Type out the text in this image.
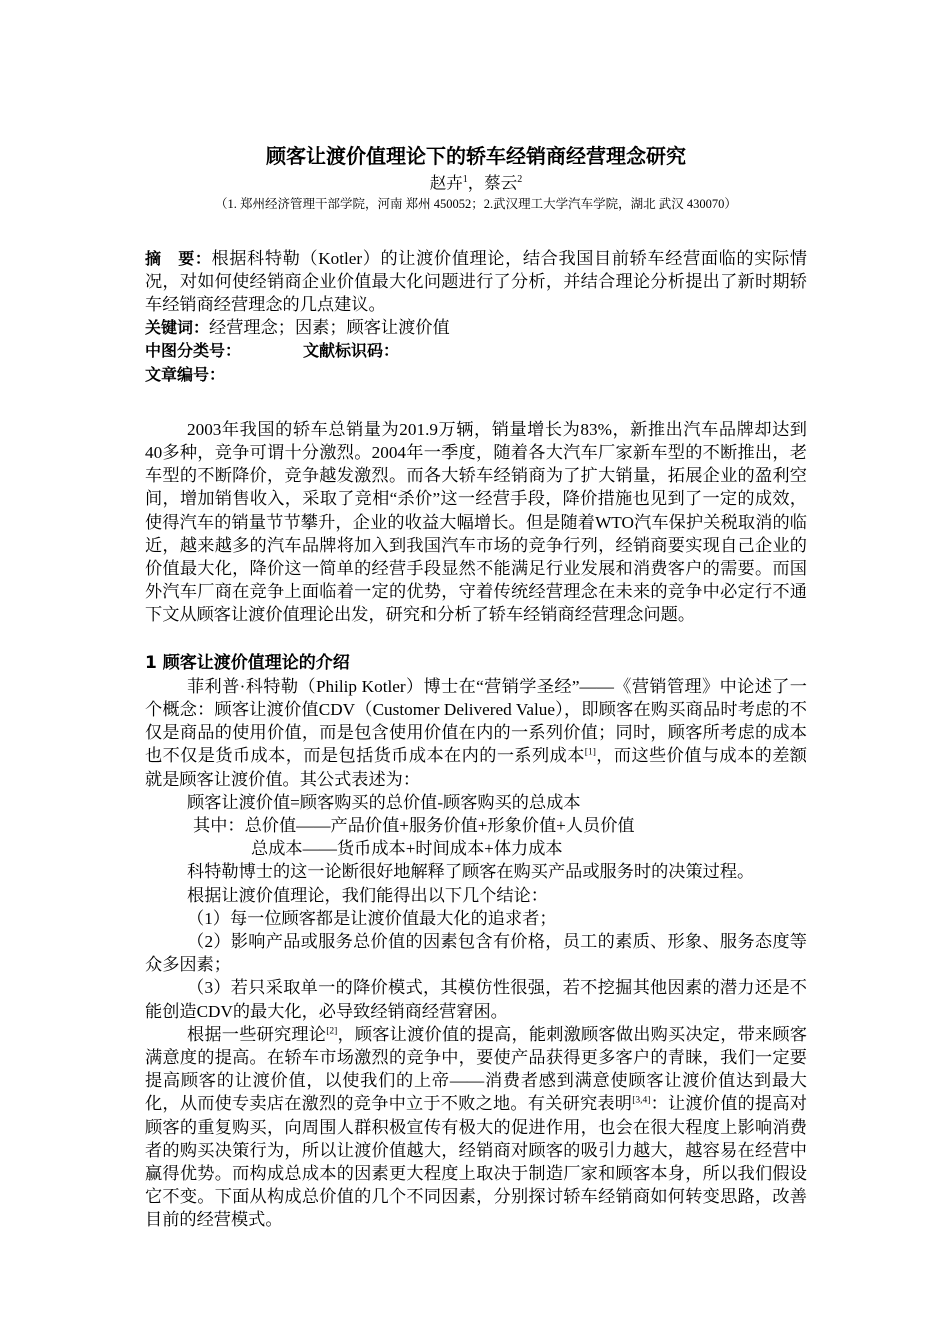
顾客让渡价值理论下的轿车经销商经营理念研究
赵卉$^1$，蔡云$^2$
（1. 郑州经济管理干部学院，河南 郑州 450052；2.武汉理工大学汽车学院，湖北 武汉 430070）

摘　要：根据科特勒（Kotler）的让渡价值理论，结合我国目前轿车经营面临的实际情况，对如何使经销商企业价值最大化问题进行了分析，并结合理论分析提出了新时期轿车经销商经营理念的几点建议。

关键词：经营理念；因素；顾客让渡价值

中图分类号：	文献标识码：

文章编号：

2003年我国的轿车总销量为201.9万辆，销量增长为83%，新推出汽车品牌却达到40多种，竞争可谓十分激烈。2004年一季度，随着各大汽车厂家新车型的不断推出，老车型的不断降价，竞争越发激烈。而各大轿车经销商为了扩大销量，拓展企业的盈利空间，增加销售收入，采取了竞相“杀价”这一经营手段，降价措施也见到了一定的成效，使得汽车的销量节节攀升，企业的收益大幅增长。但是随着WTO汽车保护关税取消的临近，越来越多的汽车品牌将加入到我国汽车市场的竞争行列，经销商要实现自己企业的价值最大化，降价这一简单的经营手段显然不能满足行业发展和消费客户的需要。而国外汽车厂商在竞争上面临着一定的优势，守着传统经营理念在未来的竞争中必定行不通下文从顾客让渡价值理论出发，研究和分析了轿车经销商经营理念问题。

1 顾客让渡价值理论的介绍

菲利普·科特勒（Philip Kotler）博士在“营销学圣经”——《营销管理》中论述了一个概念：顾客让渡价值CDV（Customer Delivered Value），即顾客在购买商品时考虑的不仅是商品的使用价值，而是包含使用价值在内的一系列价值；同时，顾客所考虑的成本也不仅是货币成本，而是包括货币成本在内的一系列成本[1]，而这些价值与成本的差额就是顾客让渡价值。其公式表述为：

顾客让渡价值=顾客购买的总价值-顾客购买的总成本

其中：总价值——产品价值+服务价值+形象价值+人员价值

总成本——货币成本+时间成本+体力成本

科特勒博士的这一论断很好地解释了顾客在购买产品或服务时的决策过程。

根据让渡价值理论，我们能得出以下几个结论：

（1）每一位顾客都是让渡价值最大化的追求者；

（2）影响产品或服务总价值的因素包含有价格，员工的素质、形象、服务态度等众多因素；

（3）若只采取单一的降价模式，其模仿性很强，若不挖掘其他因素的潜力还是不能创造CDV的最大化，必导致经销商经营窘困。

根据一些研究理论[2]，顾客让渡价值的提高，能刺激顾客做出购买决定，带来顾客满意度的提高。在轿车市场激烈的竞争中，要使产品获得更多客户的青睐，我们一定要提高顾客的让渡价值，以使我们的上帝——消费者感到满意使顾客让渡价值达到最大化，从而使专卖店在激烈的竞争中立于不败之地。有关研究表明[3,4]：让渡价值的提高对顾客的重复购买，向周围人群积极宣传有极大的促进作用，也会在很大程度上影响消费者的购买决策行为，所以让渡价值越大，经销商对顾客的吸引力越大，越容易在经营中赢得优势。而构成总成本的因素更大程度上取决于制造厂家和顾客本身，所以我们假设它不变。下面从构成总价值的几个不同因素，分别探讨轿车经销商如何转变思路，改善目前的经营模式。
